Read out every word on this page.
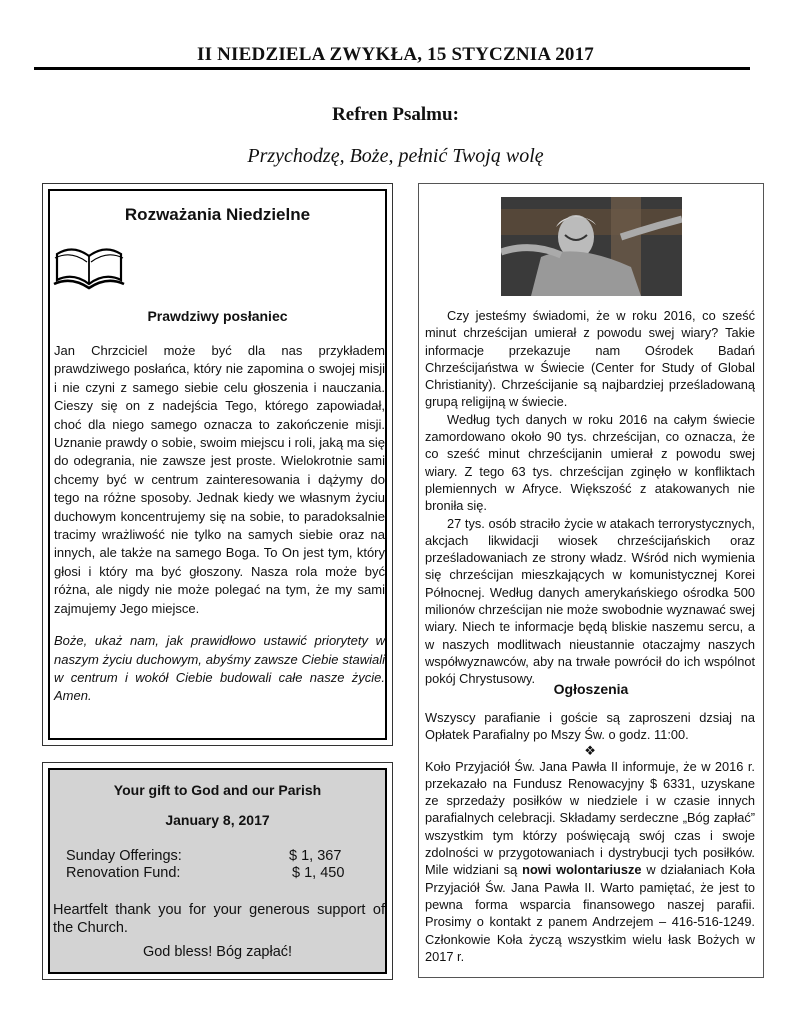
II NIEDZIELA ZWYKŁA, 15 STYCZNIA 2017
Refren Psalmu:
Przychodzę, Boże, pełnić Twoją wolę
Rozważania Niedzielne
Prawdziwy posłaniec

Jan Chrzciciel może być dla nas przykładem prawdziwego posłańca, który nie zapomina o swojej misji i nie czyni z samego siebie celu głoszenia i nauczania. Cieszy się on z nadejścia Tego, którego zapowiadał, choć dla niego samego oznacza to zakończenie misji. Uznanie prawdy o sobie, swoim miejscu i roli, jaką ma się do odegrania, nie zawsze jest proste. Wielokrotnie sami chcemy być w centrum zainteresowania i dążymy do tego na różne sposoby. Jednak kiedy we własnym życiu duchowym koncentrujemy się na sobie, to paradoksalnie tracimy wrażliwość nie tylko na samych siebie oraz na innych, ale także na samego Boga. To On jest tym, który głosi i który ma być głoszony. Nasza rola może być różna, ale nigdy nie może polegać na tym, że my sami zajmujemy Jego miejsce.

Boże, ukaż nam, jak prawidłowo ustawić priorytety w naszym życiu duchowym, abyśmy zawsze Ciebie stawiali w centrum i wokół Ciebie budowali całe nasze życie. Amen.

Your gift to God and our Parish
January 8, 2017
Sunday Offerings:	$ 1, 367
Renovation Fund:	$ 1, 450
Heartfelt thank you for your generous support of the Church.
God bless! Bóg zapłać!

Czy jesteśmy świadomi, że w roku 2016, co sześć minut chrześcijan umierał z powodu swej wiary? Takie informacje przekazuje nam Ośrodek Badań Chrześcijaństwa w Świecie (Center for Study of Global Christianity). Chrześcijanie są najbardziej prześladowaną grupą religijną w świecie.

Według tych danych w roku 2016 na całym świecie zamordowano około 90 tys. chrześcijan, co oznacza, że co sześć minut chrześcijanin umierał z powodu swej wiary. Z tego 63 tys. chrześcijan zginęło w konfliktach plemiennych w Afryce. Większość z atakowanych nie broniła się.

27 tys. osób straciło życie w atakach terrorystycznych, akcjach likwidacji wiosek chrześcijańskich oraz prześladowaniach ze strony władz. Wśród nich wymienia się chrześcijan mieszkających w komunistycznej Korei Północnej. Według danych amerykańskiego ośrodka 500 milionów chrześcijan nie może swobodnie wyznawać swej wiary. Niech te informacje będą bliskie naszemu sercu, a w naszych modlitwach nieustannie otaczajmy naszych współwyznawców, aby na trwałe powrócił do ich wspólnot pokój Chrystusowy.

Ogłoszenia

Wszyscy parafianie i goście są zaproszeni dzsiaj na Opłatek Parafialny po Mszy Św. o godz. 11:00.

❖

Koło Przyjaciół Św. Jana Pawła II informuje, że w 2016 r. przekazało na Fundusz Renowacyjny $ 6331, uzyskane ze sprzedaży posiłków w niedziele i w czasie innych parafialnych celebracji. Składamy serdeczne „Bóg zapłać” wszystkim tym którzy poświęcają swój czas i swoje zdolności w przygotowaniach i dystrybucji tych posiłków. Mile widziani są nowi wolontariusze w działaniach Koła Przyjaciół Św. Jana Pawła II. Warto pamiętać, że jest to pewna forma wsparcia finansowego naszej parafii. Prosimy o kontakt z panem Andrzejem – 416-516-1249. Członkowie Koła życzą wszystkim wielu łask Bożych w 2017 r.
